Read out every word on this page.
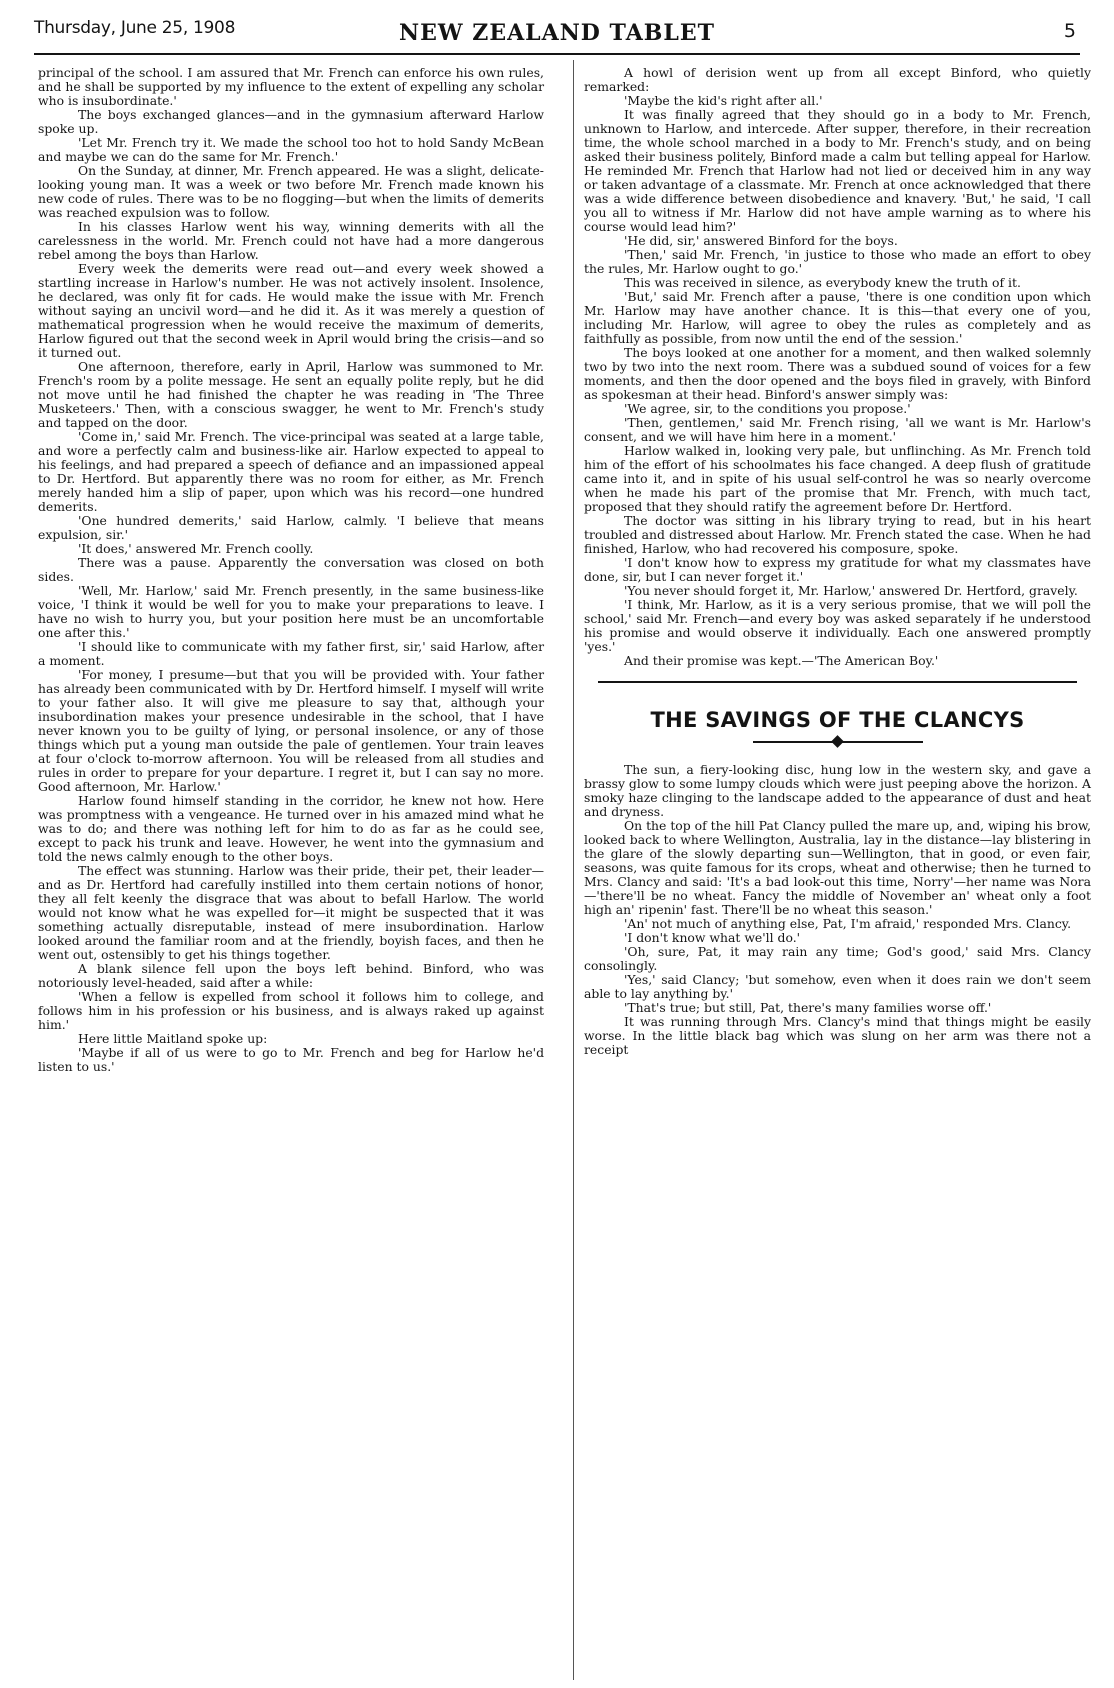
Thursday, June 25, 1908	NEW ZEALAND TABLET	5

principal of the school. I am assured that Mr. French can enforce his own rules, and he shall be supported by my influence to the extent of expelling any scholar who is insubordinate.'

The boys exchanged glances—and in the gymnasium afterward Harlow spoke up.

'Let Mr. French try it. We made the school too hot to hold Sandy McBean and maybe we can do the same for Mr. French.'

On the Sunday, at dinner, Mr. French appeared. He was a slight, delicate-looking young man. It was a week or two before Mr. French made known his new code of rules. There was to be no flogging—but when the limits of demerits was reached expulsion was to follow.

In his classes Harlow went his way, winning demerits with all the carelessness in the world. Mr. French could not have had a more dangerous rebel among the boys than Harlow.

Every week the demerits were read out—and every week showed a startling increase in Harlow's number. He was not actively insolent. Insolence, he declared, was only fit for cads. He would make the issue with Mr. French without saying an uncivil word—and he did it. As it was merely a question of mathematical progression when he would receive the maximum of demerits, Harlow figured out that the second week in April would bring the crisis—and so it turned out.

One afternoon, therefore, early in April, Harlow was summoned to Mr. French's room by a polite message. He sent an equally polite reply, but he did not move until he had finished the chapter he was reading in 'The Three Musketeers.' Then, with a conscious swagger, he went to Mr. French's study and tapped on the door.

'Come in,' said Mr. French. The vice-principal was seated at a large table, and wore a perfectly calm and business-like air. Harlow expected to appeal to his feelings, and had prepared a speech of defiance and an impassioned appeal to Dr. Hertford. But apparently there was no room for either, as Mr. French merely handed him a slip of paper, upon which was his record—one hundred demerits.

'One hundred demerits,' said Harlow, calmly. 'I believe that means expulsion, sir.'

'It does,' answered Mr. French coolly.

There was a pause. Apparently the conversation was closed on both sides.

'Well, Mr. Harlow,' said Mr. French presently, in the same business-like voice, 'I think it would be well for you to make your preparations to leave. I have no wish to hurry you, but your position here must be an uncomfortable one after this.'

'I should like to communicate with my father first, sir,' said Harlow, after a moment.

'For money, I presume—but that you will be provided with. Your father has already been communicated with by Dr. Hertford himself. I myself will write to your father also. It will give me pleasure to say that, although your insubordination makes your presence undesirable in the school, that I have never known you to be guilty of lying, or personal insolence, or any of those things which put a young man outside the pale of gentlemen. Your train leaves at four o'clock to-morrow afternoon. You will be released from all studies and rules in order to prepare for your departure. I regret it, but I can say no more. Good afternoon, Mr. Harlow.'

Harlow found himself standing in the corridor, he knew not how. Here was promptness with a vengeance. He turned over in his amazed mind what he was to do; and there was nothing left for him to do as far as he could see, except to pack his trunk and leave. However, he went into the gymnasium and told the news calmly enough to the other boys.

The effect was stunning. Harlow was their pride, their pet, their leader—and as Dr. Hertford had carefully instilled into them certain notions of honor, they all felt keenly the disgrace that was about to befall Harlow. The world would not know what he was expelled for—it might be suspected that it was something actually disreputable, instead of mere insubordination. Harlow looked around the familiar room and at the friendly, boyish faces, and then he went out, ostensibly to get his things together.

A blank silence fell upon the boys left behind. Binford, who was notoriously level-headed, said after a while:

'When a fellow is expelled from school it follows him to college, and follows him in his profession or his business, and is always raked up against him.'

Here little Maitland spoke up:

'Maybe if all of us were to go to Mr. French and beg for Harlow he'd listen to us.'

A howl of derision went up from all except Binford, who quietly remarked:

'Maybe the kid's right after all.'

It was finally agreed that they should go in a body to Mr. French, unknown to Harlow, and intercede. After supper, therefore, in their recreation time, the whole school marched in a body to Mr. French's study, and on being asked their business politely, Binford made a calm but telling appeal for Harlow. He reminded Mr. French that Harlow had not lied or deceived him in any way or taken advantage of a classmate. Mr. French at once acknowledged that there was a wide difference between disobedience and knavery. 'But,' he said, 'I call you all to witness if Mr. Harlow did not have ample warning as to where his course would lead him?'

'He did, sir,' answered Binford for the boys.

'Then,' said Mr. French, 'in justice to those who made an effort to obey the rules, Mr. Harlow ought to go.'

This was received in silence, as everybody knew the truth of it.

'But,' said Mr. French after a pause, 'there is one condition upon which Mr. Harlow may have another chance. It is this—that every one of you, including Mr. Harlow, will agree to obey the rules as completely and as faithfully as possible, from now until the end of the session.'

The boys looked at one another for a moment, and then walked solemnly two by two into the next room. There was a subdued sound of voices for a few moments, and then the door opened and the boys filed in gravely, with Binford as spokesman at their head. Binford's answer simply was:

'We agree, sir, to the conditions you propose.'

'Then, gentlemen,' said Mr. French rising, 'all we want is Mr. Harlow's consent, and we will have him here in a moment.'

Harlow walked in, looking very pale, but unflinching. As Mr. French told him of the effort of his schoolmates his face changed. A deep flush of gratitude came into it, and in spite of his usual self-control he was so nearly overcome when he made his part of the promise that Mr. French, with much tact, proposed that they should ratify the agreement before Dr. Hertford.

The doctor was sitting in his library trying to read, but in his heart troubled and distressed about Harlow. Mr. French stated the case. When he had finished, Harlow, who had recovered his composure, spoke.

'I don't know how to express my gratitude for what my classmates have done, sir, but I can never forget it.'

'You never should forget it, Mr. Harlow,' answered Dr. Hertford, gravely.

'I think, Mr. Harlow, as it is a very serious promise, that we will poll the school,' said Mr. French—and every boy was asked separately if he understood his promise and would observe it individually. Each one answered promptly 'yes.'

And their promise was kept.—'The American Boy.'

THE SAVINGS OF THE CLANCYS

The sun, a fiery-looking disc, hung low in the western sky, and gave a brassy glow to some lumpy clouds which were just peeping above the horizon. A smoky haze clinging to the landscape added to the appearance of dust and heat and dryness.

On the top of the hill Pat Clancy pulled the mare up, and, wiping his brow, looked back to where Wellington, Australia, lay in the distance—lay blistering in the glare of the slowly departing sun—Wellington, that in good, or even fair, seasons, was quite famous for its crops, wheat and otherwise; then he turned to Mrs. Clancy and said: 'It's a bad look-out this time, Norry'—her name was Nora—'there'll be no wheat. Fancy the middle of November an' wheat only a foot high an' ripenin' fast. There'll be no wheat this season.'

'An' not much of anything else, Pat, I'm afraid,' responded Mrs. Clancy.

'I don't know what we'll do.'

'Oh, sure, Pat, it may rain any time; God's good,' said Mrs. Clancy consolingly.

'Yes,' said Clancy; 'but somehow, even when it does rain we don't seem able to lay anything by.'

'That's true; but still, Pat, there's many families worse off.'

It was running through Mrs. Clancy's mind that things might be easily worse. In the little black bag which was slung on her arm was there not a receipt
